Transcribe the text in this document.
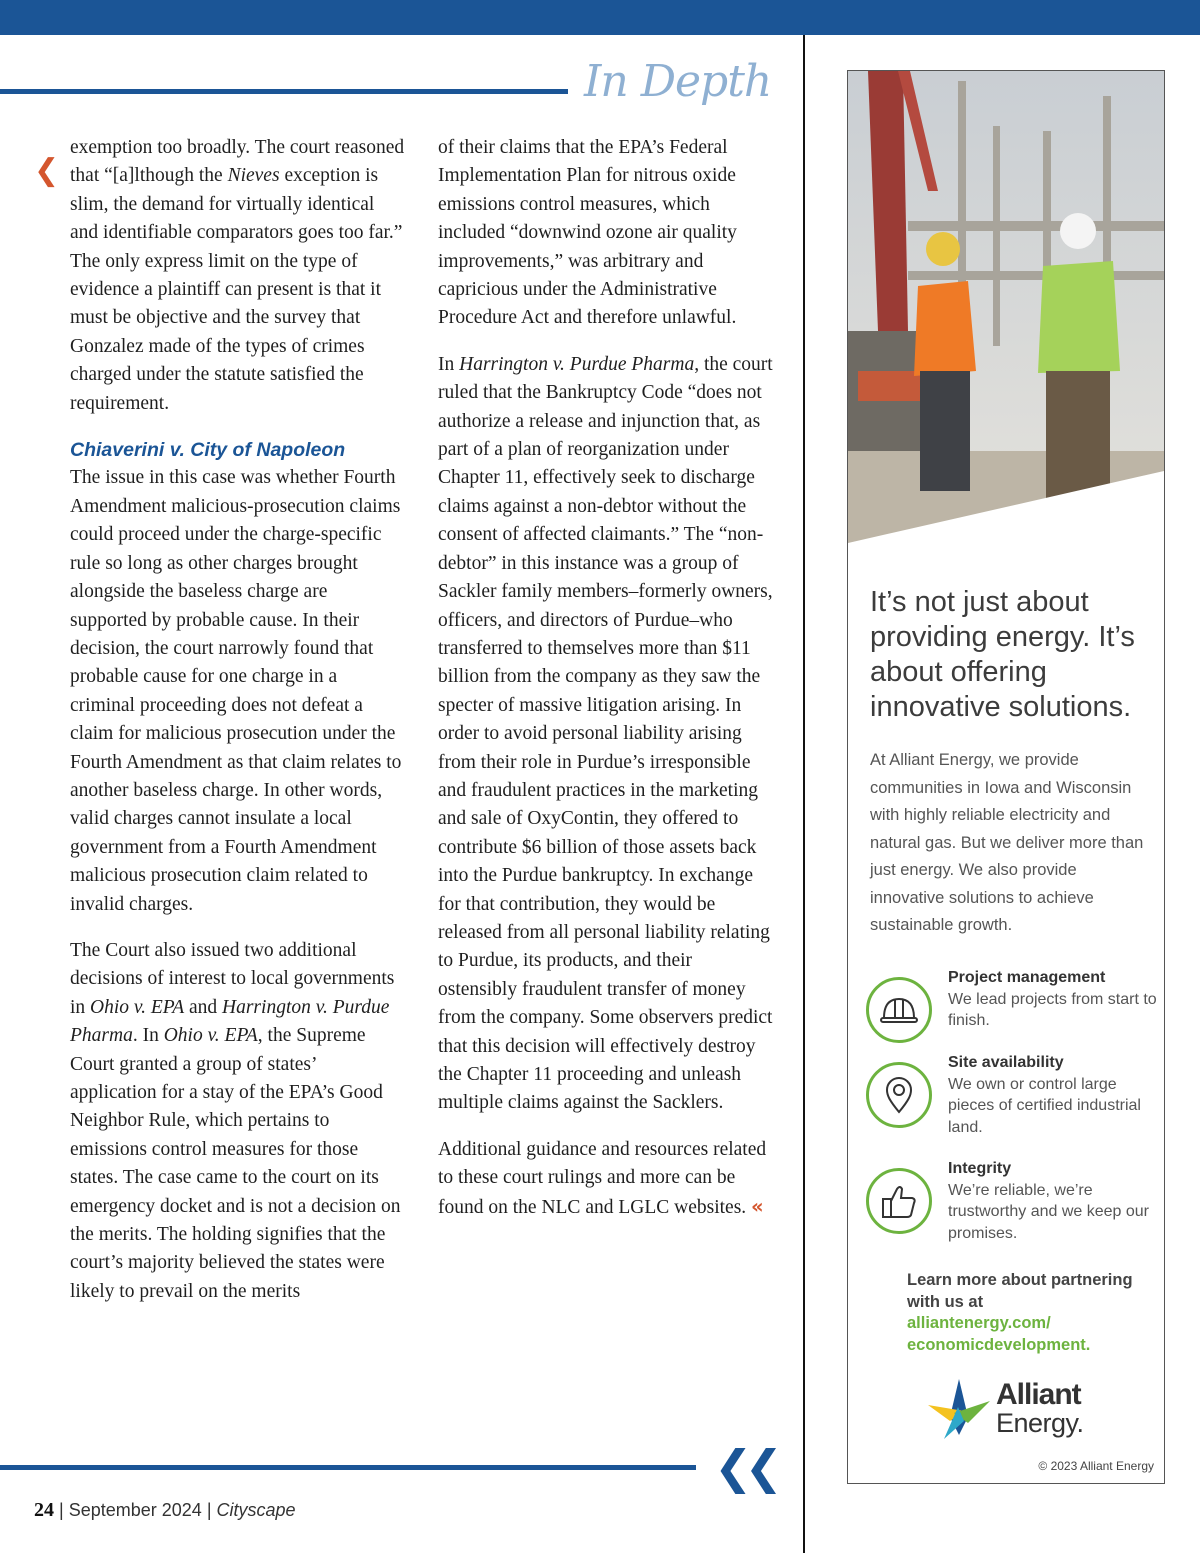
In Depth
❮

exemption too broadly. The court reasoned that “[a]lthough the Nieves exception is slim, the demand for virtually identical and identifiable comparators goes too far.” The only express limit on the type of evidence a plaintiff can present is that it must be objective and the survey that Gonzalez made of the types of crimes charged under the statute satisfied the requirement.

Chiaverini v. City of Napoleon

The issue in this case was whether Fourth Amendment malicious-prosecution claims could proceed under the charge-specific rule so long as other charges brought alongside the baseless charge are supported by probable cause. In their decision, the court narrowly found that probable cause for one charge in a criminal proceeding does not defeat a claim for malicious prosecution under the Fourth Amendment as that claim relates to another baseless charge. In other words, valid charges cannot insulate a local government from a Fourth Amendment malicious prosecution claim related to invalid charges.

The Court also issued two additional decisions of interest to local governments in Ohio v. EPA and Harrington v. Purdue Pharma. In Ohio v. EPA, the Supreme Court granted a group of states’ application for a stay of the EPA’s Good Neighbor Rule, which pertains to emissions control measures for those states. The case came to the court on its emergency docket and is not a decision on the merits. The holding signifies that the court’s majority believed the states were likely to prevail on the merits

of their claims that the EPA’s Federal Implementation Plan for nitrous oxide emissions control measures, which included “downwind ozone air quality improvements,” was arbitrary and capricious under the Administrative Procedure Act and therefore unlawful.

In Harrington v. Purdue Pharma, the court ruled that the Bankruptcy Code “does not authorize a release and injunction that, as part of a plan of reorganization under Chapter 11, effectively seek to discharge claims against a non-debtor without the consent of affected claimants.” The “non-debtor” in this instance was a group of Sackler family members–formerly owners, officers, and directors of Purdue–who transferred to themselves more than $11 billion from the company as they saw the specter of massive litigation arising. In order to avoid personal liability arising from their role in Purdue’s irresponsible and fraudulent practices in the marketing and sale of OxyContin, they offered to contribute $6 billion of those assets back into the Purdue bankruptcy. In exchange for that contribution, they would be released from all personal liability relating to Purdue, its products, and their ostensibly fraudulent transfer of money from the company. Some observers predict that this decision will effectively destroy the Chapter 11 proceeding and unleash multiple claims against the Sacklers.

Additional guidance and resources related to these court rulings and more can be found on the NLC and LGLC websites. «

❮❮
24 | September 2024 | Cityscape
It’s not just about providing energy. It’s about offering innovative solutions.
At Alliant Energy, we provide communities in Iowa and Wisconsin with highly reliable electricity and natural gas. But we deliver more than just energy. We also provide innovative solutions to achieve sustainable growth.
Project management
We lead projects from start to finish.
Site availability
We own or control large pieces of certified industrial land.
Integrity
We’re reliable, we’re trustworthy and we keep our promises.
Learn more about partnering with us at
alliantenergy.com/ economicdevelopment.
Alliant
Energy.
© 2023 Alliant Energy
